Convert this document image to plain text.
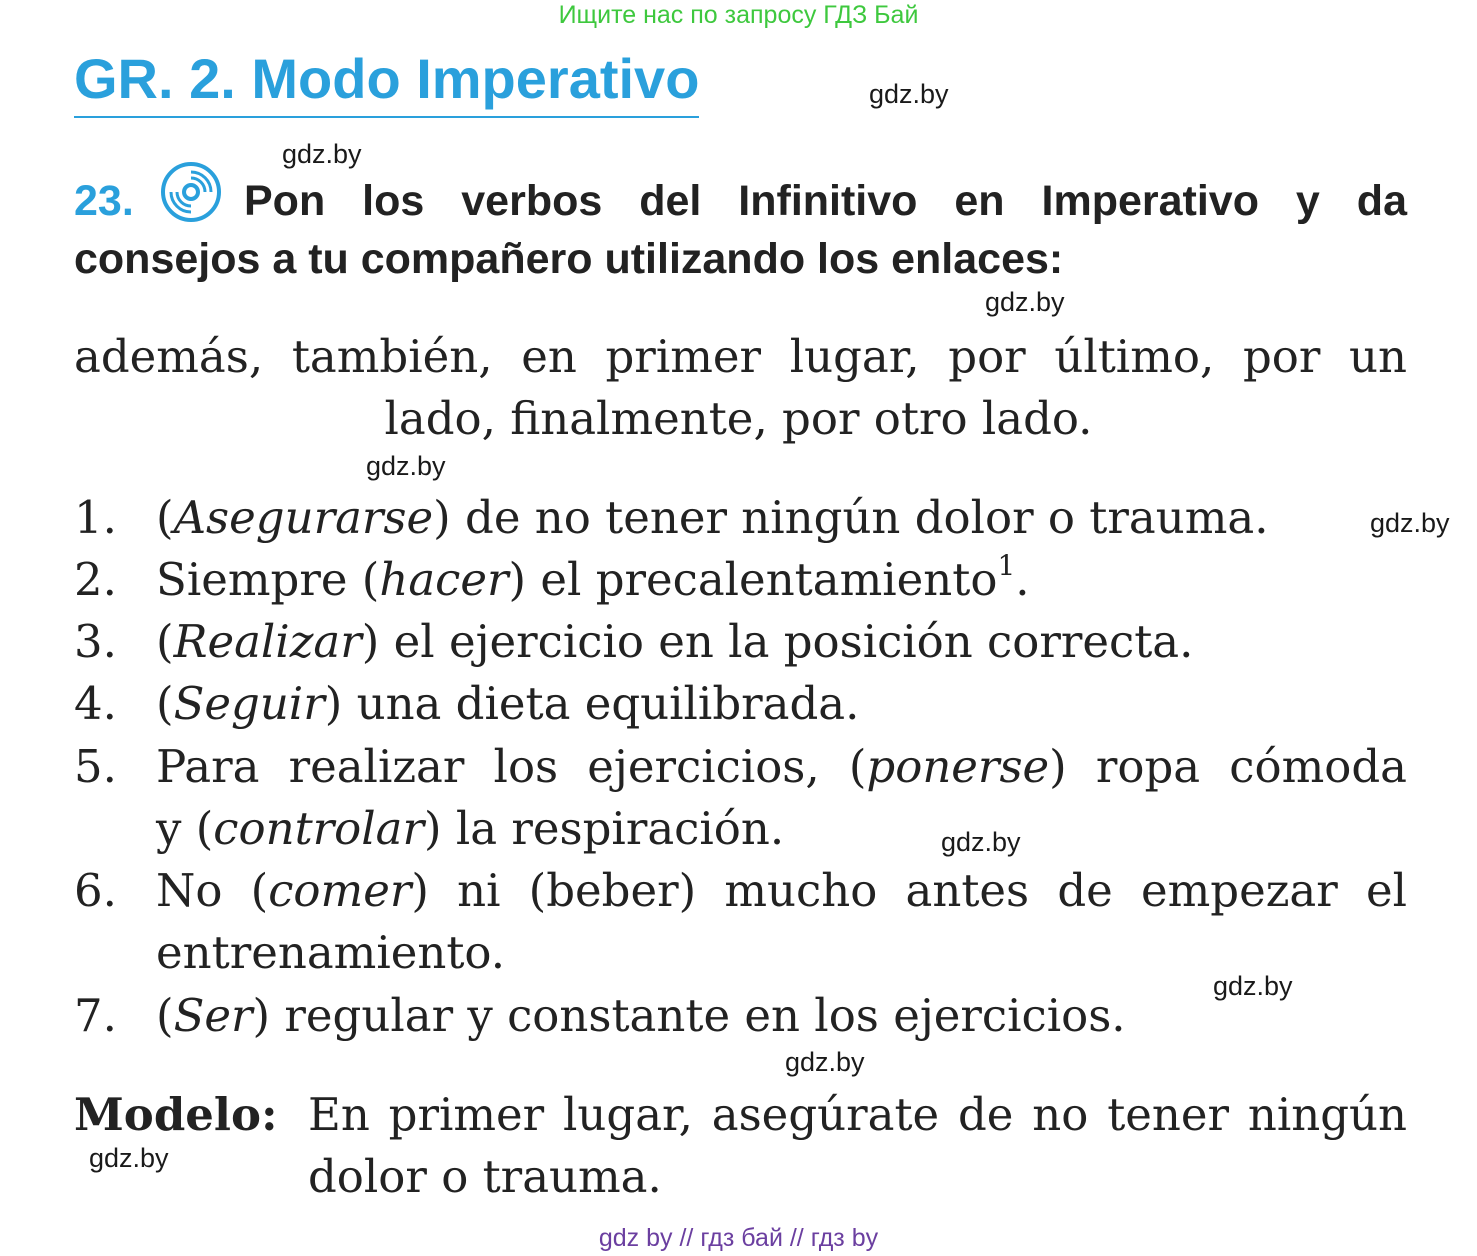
Ищите нас по запросу ГДЗ Бай
GR. 2. Modo Imperativo	gdz.by
gdz.by
23.	Pon los verbos del Infinitivo en Imperativo y da
consejos a tu compañero utilizando los enlaces:
gdz.by
además, también, en primer lugar, por último, por un
lado, finalmente, por otro lado.
gdz.by
1. (Asegurarse) de no tener ningún dolor o trauma.	gdz.by
2. Siempre (hacer) el precalentamiento$^1$.
3. (Realizar) el ejercicio en la posición correcta.
4. (Seguir) una dieta equilibrada.
5. Para realizar los ejercicios, (ponerse) ropa cómoda
y (controlar) la respiración.	gdz.by
6. No (comer) ni (beber) mucho antes de empezar el
entrenamiento.
gdz.by
7. (Ser) regular y constante en los ejercicios.
gdz.by
Modelo: En primer lugar, asegúrate de no tener ningún
dolor o trauma.
gdz.by
gdz by // гдз бай // гдз by
